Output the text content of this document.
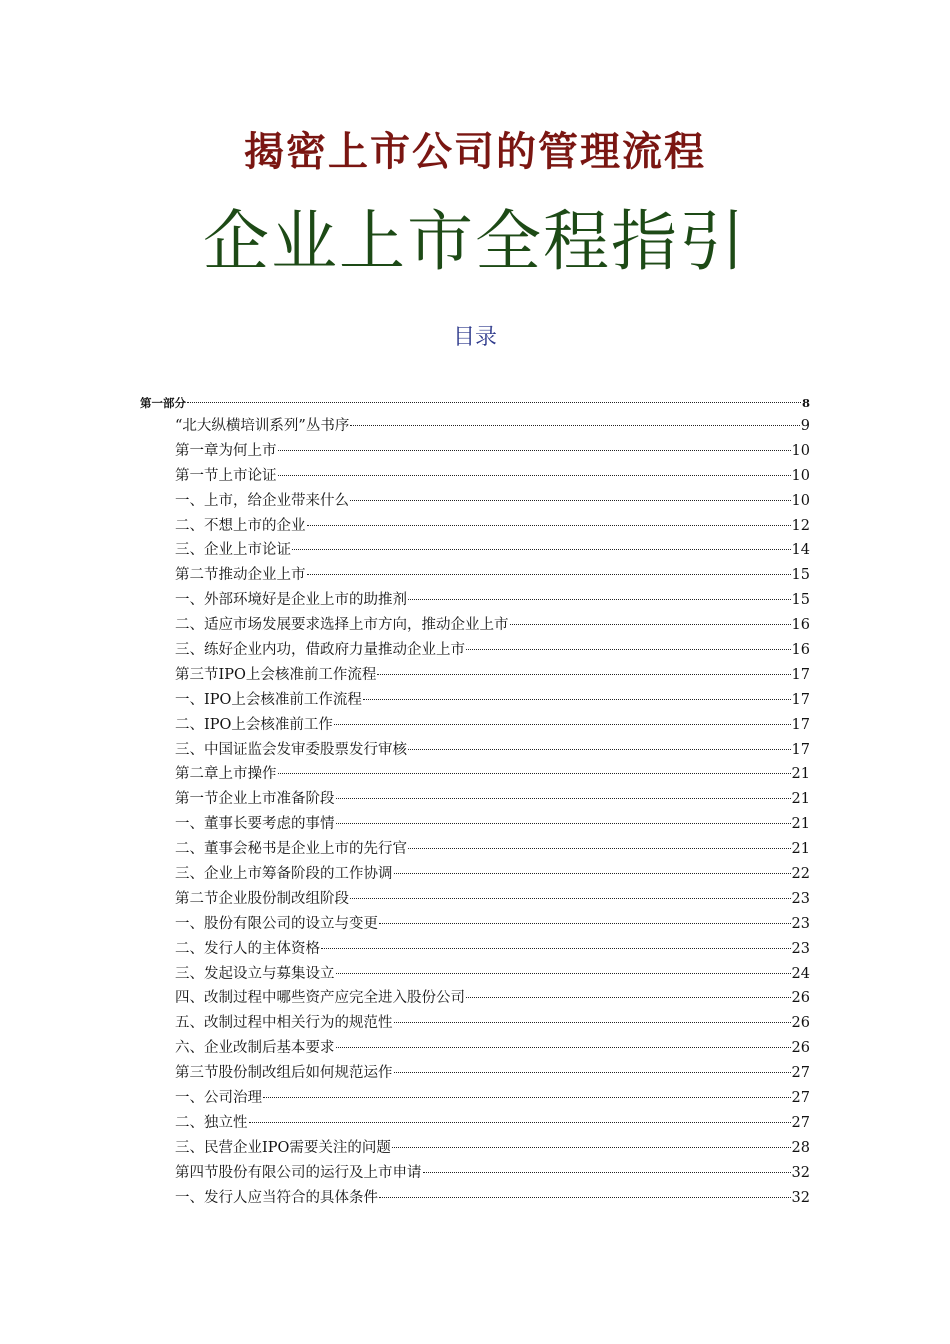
揭密上市公司的管理流程
企业上市全程指引
目录
第一部分	8
“北大纵横培训系列”丛书序	9
第一章为何上市	10
第一节上市论证	10
一、上市，给企业带来什么	10
二、不想上市的企业	12
三、企业上市论证	14
第二节推动企业上市	15
一、外部环境好是企业上市的助推剂	15
二、适应市场发展要求选择上市方向，推动企业上市	16
三、练好企业内功，借政府力量推动企业上市	16
第三节IPO上会核准前工作流程	17
一、IPO上会核准前工作流程	17
二、IPO上会核准前工作	17
三、中国证监会发审委股票发行审核	17
第二章上市操作	21
第一节企业上市准备阶段	21
一、董事长要考虑的事情	21
二、董事会秘书是企业上市的先行官	21
三、企业上市筹备阶段的工作协调	22
第二节企业股份制改组阶段	23
一、股份有限公司的设立与变更	23
二、发行人的主体资格	23
三、发起设立与募集设立	24
四、改制过程中哪些资产应完全进入股份公司	26
五、改制过程中相关行为的规范性	26
六、企业改制后基本要求	26
第三节股份制改组后如何规范运作	27
一、公司治理	27
二、独立性	27
三、民营企业IPO需要关注的问题	28
第四节股份有限公司的运行及上市申请	32
一、发行人应当符合的具体条件	32
